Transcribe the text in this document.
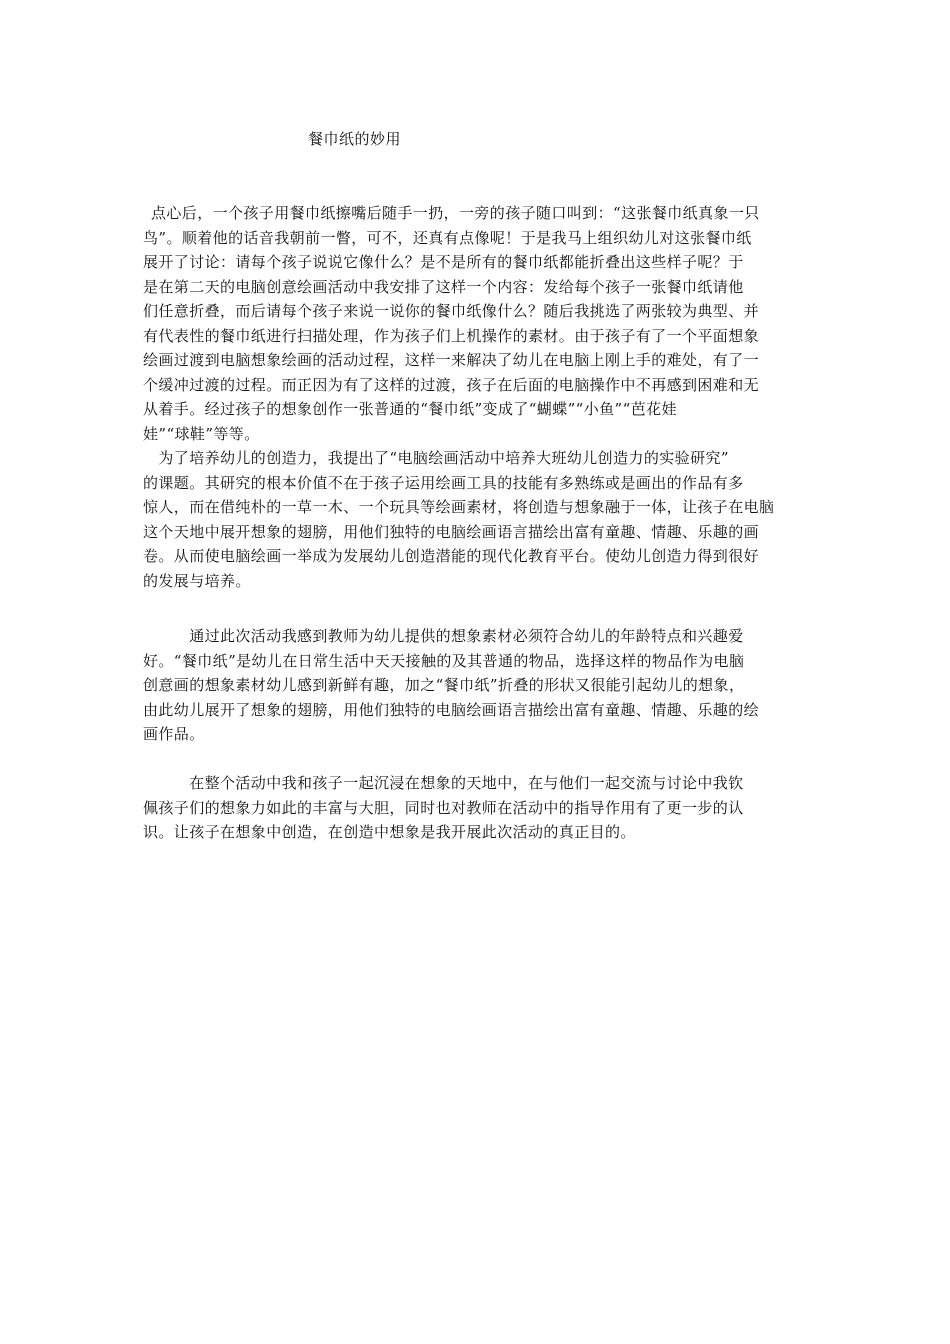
餐巾纸的妙用
点心后，一个孩子用餐巾纸擦嘴后随手一扔，一旁的孩子随口叫到：“这张餐巾纸真象一只
鸟”。顺着他的话音我朝前一瞥，可不，还真有点像呢！于是我马上组织幼儿对这张餐巾纸
展开了讨论：请每个孩子说说它像什么？是不是所有的餐巾纸都能折叠出这些样子呢？于
是在第二天的电脑创意绘画活动中我安排了这样一个内容：发给每个孩子一张餐巾纸请他
们任意折叠，而后请每个孩子来说一说你的餐巾纸像什么？随后我挑选了两张较为典型、并
有代表性的餐巾纸进行扫描处理，作为孩子们上机操作的素材。由于孩子有了一个平面想象
绘画过渡到电脑想象绘画的活动过程，这样一来解决了幼儿在电脑上刚上手的难处，有了一
个缓冲过渡的过程。而正因为有了这样的过渡，孩子在后面的电脑操作中不再感到困难和无
从着手。经过孩子的想象创作一张普通的“餐巾纸”变成了“蝴蝶”“小鱼”“芭花娃
娃”“球鞋”等等。
　为了培养幼儿的创造力，我提出了“电脑绘画活动中培养大班幼儿创造力的实验研究”
的课题。其研究的根本价值不在于孩子运用绘画工具的技能有多熟练或是画出的作品有多
惊人，而在借纯朴的一草一木、一个玩具等绘画素材，将创造与想象融于一体，让孩子在电脑
这个天地中展开想象的翅膀，用他们独特的电脑绘画语言描绘出富有童趣、情趣、乐趣的画
卷。从而使电脑绘画一举成为发展幼儿创造潜能的现代化教育平台。使幼儿创造力得到很好
的发展与培养。
　　　通过此次活动我感到教师为幼儿提供的想象素材必须符合幼儿的年龄特点和兴趣爱
好。“餐巾纸”是幼儿在日常生活中天天接触的及其普通的物品，选择这样的物品作为电脑
创意画的想象素材幼儿感到新鲜有趣，加之“餐巾纸”折叠的形状又很能引起幼儿的想象，
由此幼儿展开了想象的翅膀，用他们独特的电脑绘画语言描绘出富有童趣、情趣、乐趣的绘
画作品。
　　　在整个活动中我和孩子一起沉浸在想象的天地中，在与他们一起交流与讨论中我钦
佩孩子们的想象力如此的丰富与大胆，同时也对教师在活动中的指导作用有了更一步的认
识。让孩子在想象中创造，在创造中想象是我开展此次活动的真正目的。
